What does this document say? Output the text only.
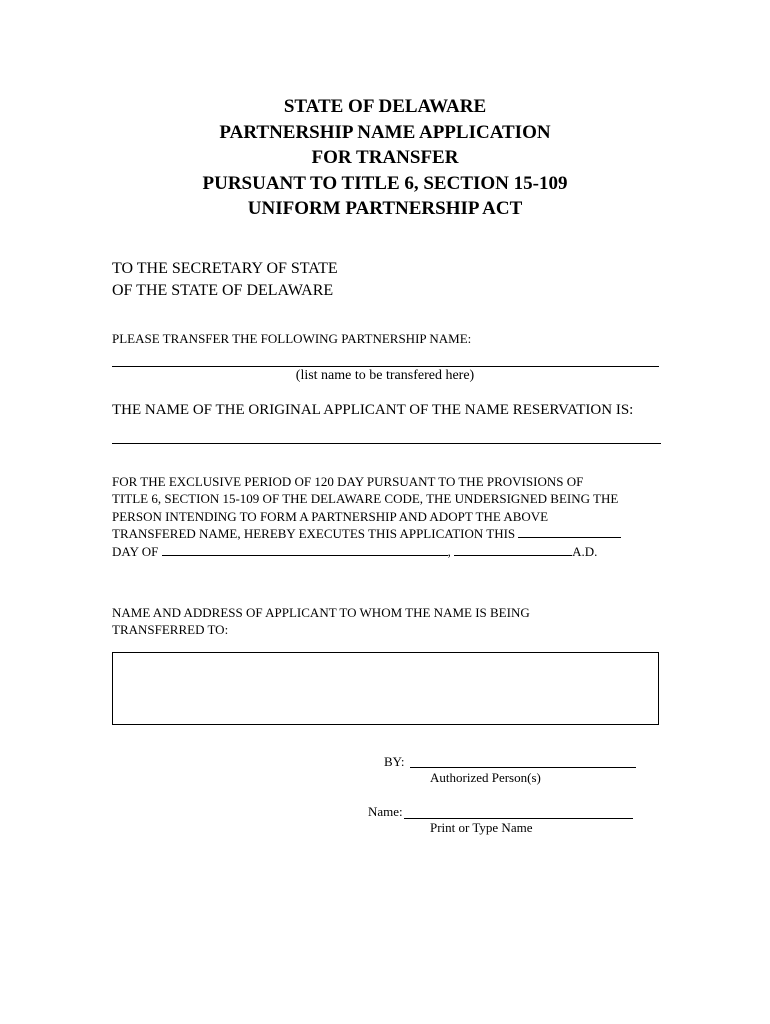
STATE OF DELAWARE
PARTNERSHIP NAME APPLICATION
FOR TRANSFER
PURSUANT TO TITLE 6, SECTION 15-109
UNIFORM PARTNERSHIP ACT
TO THE SECRETARY OF STATE
OF THE STATE OF DELAWARE
PLEASE TRANSFER THE FOLLOWING PARTNERSHIP NAME:
(list name to be transfered here)
THE NAME OF THE ORIGINAL APPLICANT OF THE NAME RESERVATION IS:
FOR THE EXCLUSIVE PERIOD OF 120 DAY PURSUANT TO THE PROVISIONS OF
TITLE 6, SECTION 15-109 OF THE DELAWARE CODE, THE UNDERSIGNED BEING THE
PERSON INTENDING TO FORM A PARTNERSHIP AND ADOPT THE ABOVE
TRANSFERED NAME, HEREBY EXECUTES THIS APPLICATION THIS
DAY OF	,	A.D.
NAME AND ADDRESS OF APPLICANT TO WHOM THE NAME IS BEING
TRANSFERRED TO:
BY:
Authorized Person(s)
Name:
Print or Type Name
